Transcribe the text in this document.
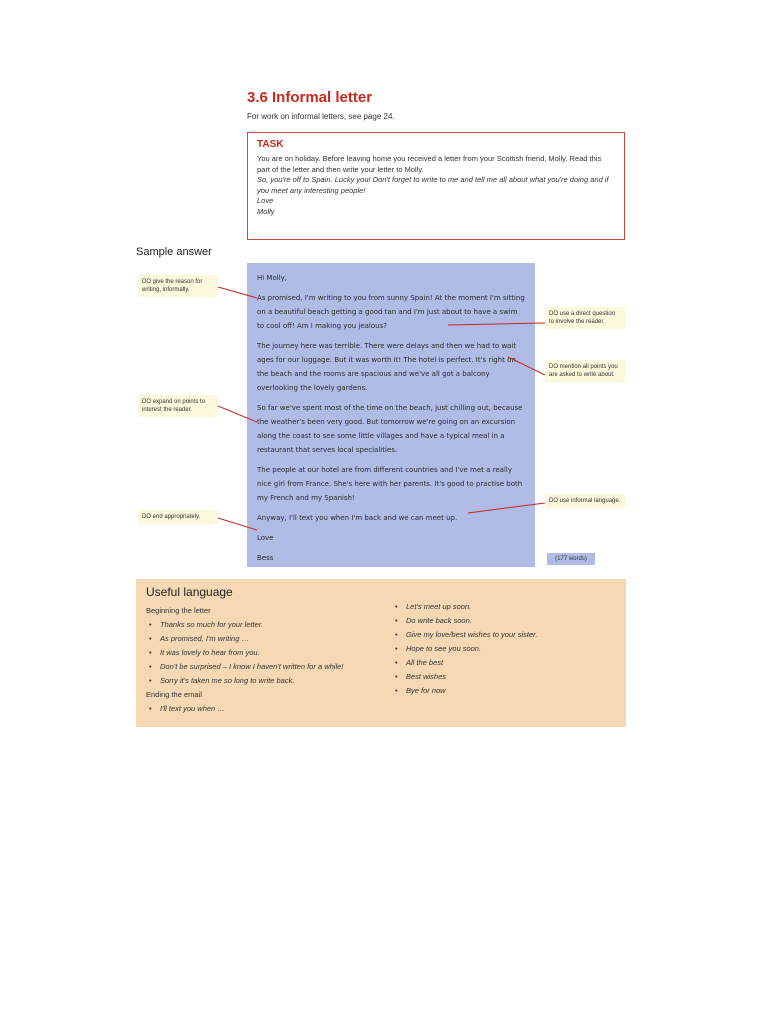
3.6 Informal letter
For work on informal letters, see page 24.
TASK

You are on holiday. Before leaving home you received a letter from your Scottish friend, Molly. Read this part of the letter and then write your letter to Molly.

So, you're off to Spain. Lucky you! Don't forget to write to me and tell me all about what you're doing and if you meet any interesting people!

Love

Molly

Sample answer

Hi Molly,

As promised, I'm writing to you from sunny Spain! At the moment I'm sitting on a beautiful beach getting a good tan and I'm just about to have a swim to cool off! Am I making you jealous?

The journey here was terrible. There were delays and then we had to wait ages for our luggage. But it was worth it! The hotel is perfect. It's right on the beach and the rooms are spacious and we've all got a balcony overlooking the lovely gardens.

So far we've spent most of the time on the beach, just chilling out, because the weather's been very good. But tomorrow we're going on an excursion along the coast to see some little villages and have a typical meal in a restaurant that serves local specialities.

The people at our hotel are from different countries and I've met a really nice girl from France. She's here with her parents. It's good to practise both my French and my Spanish!

Anyway, I'll text you when I'm back and we can meet up.

Love

Bess

DO give the reason for writing, informally.
DO expand on points to interest the reader.
DO end appropriately.
DO use a direct question to involve the reader.
DO mention all points you are asked to write about.
DO use informal language.
(177 words)
Useful language
Beginning the letter
• Thanks so much for your letter.
• As promised, I'm writing …
• It was lovely to hear from you.
• Don't be surprised – I know I haven't written for a while!
• Sorry it's taken me so long to write back.
Ending the email
• I'll text you when …
• Let's meet up soon.
• Do write back soon.
• Give my love/best wishes to your sister.
• Hope to see you soon.
• All the best
• Best wishes
• Bye for now
